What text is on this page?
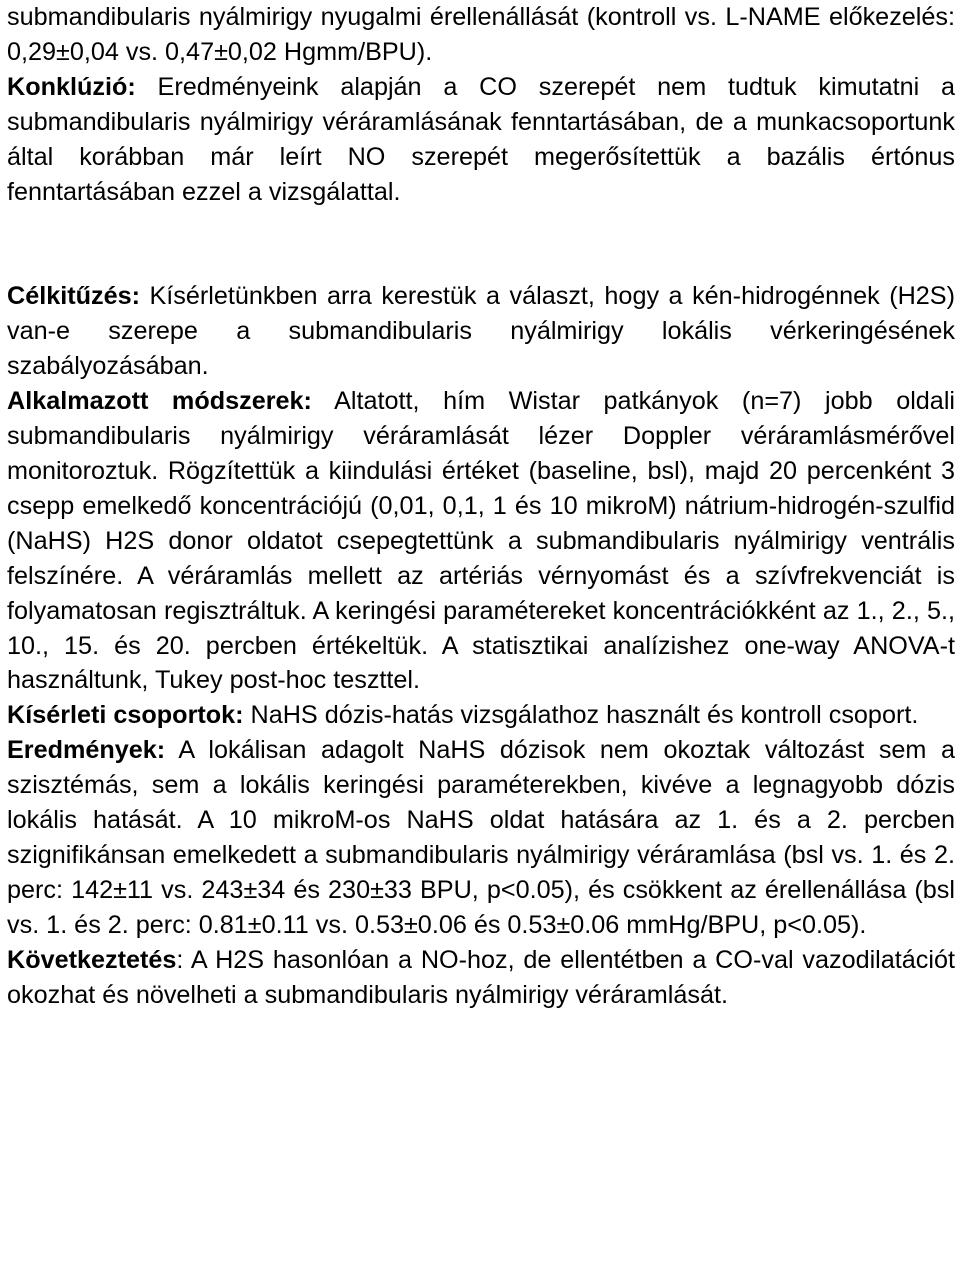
submandibularis nyálmirigy nyugalmi érellenállását (kontroll vs. L-NAME előkezelés: 0,29±0,04 vs. 0,47±0,02 Hgmm/BPU).

Konklúzió: Eredményeink alapján a CO szerepét nem tudtuk kimutatni a submandibularis nyálmirigy véráramlásának fenntartásában, de a munkacsoportunk által korábban már leírt NO szerepét megerősítettük a bazális értónus fenntartásában ezzel a vizsgálattal.

Célkitűzés: Kísérletünkben arra kerestük a választ, hogy a kén-hidrogénnek (H2S) van-e szerepe a submandibularis nyálmirigy lokális vérkeringésének szabályozásában.

Alkalmazott módszerek: Altatott, hím Wistar patkányok (n=7) jobb oldali submandibularis nyálmirigy véráramlását lézer Doppler véráramlásmérővel monitoroztuk. Rögzítettük a kiindulási értéket (baseline, bsl), majd 20 percenként 3 csepp emelkedő koncentrációjú (0,01, 0,1, 1 és 10 mikroM) nátrium-hidrogén-szulfid (NaHS) H2S donor oldatot csepegtettünk a submandibularis nyálmirigy ventrális felszínére. A véráramlás mellett az artériás vérnyomást és a szívfrekvenciát is folyamatosan regisztráltuk. A keringési paramétereket koncentrációkként az 1., 2., 5., 10., 15. és 20. percben értékeltük. A statisztikai analízishez one-way ANOVA-t használtunk, Tukey post-hoc teszttel.

Kísérleti csoportok: NaHS dózis-hatás vizsgálathoz használt és kontroll csoport.

Eredmények: A lokálisan adagolt NaHS dózisok nem okoztak változást sem a szisztémás, sem a lokális keringési paraméterekben, kivéve a legnagyobb dózis lokális hatását. A 10 mikroM-os NaHS oldat hatására az 1. és a 2. percben szignifikánsan emelkedett a submandibularis nyálmirigy véráramlása (bsl vs. 1. és 2. perc: 142±11 vs. 243±34 és 230±33 BPU, p<0.05), és csökkent az érellenállása (bsl vs. 1. és 2. perc: 0.81±0.11 vs. 0.53±0.06 és 0.53±0.06 mmHg/BPU, p<0.05).

Következtetés: A H2S hasonlóan a NO-hoz, de ellentétben a CO-val vazodilatációt okozhat és növelheti a submandibularis nyálmirigy véráramlását.
